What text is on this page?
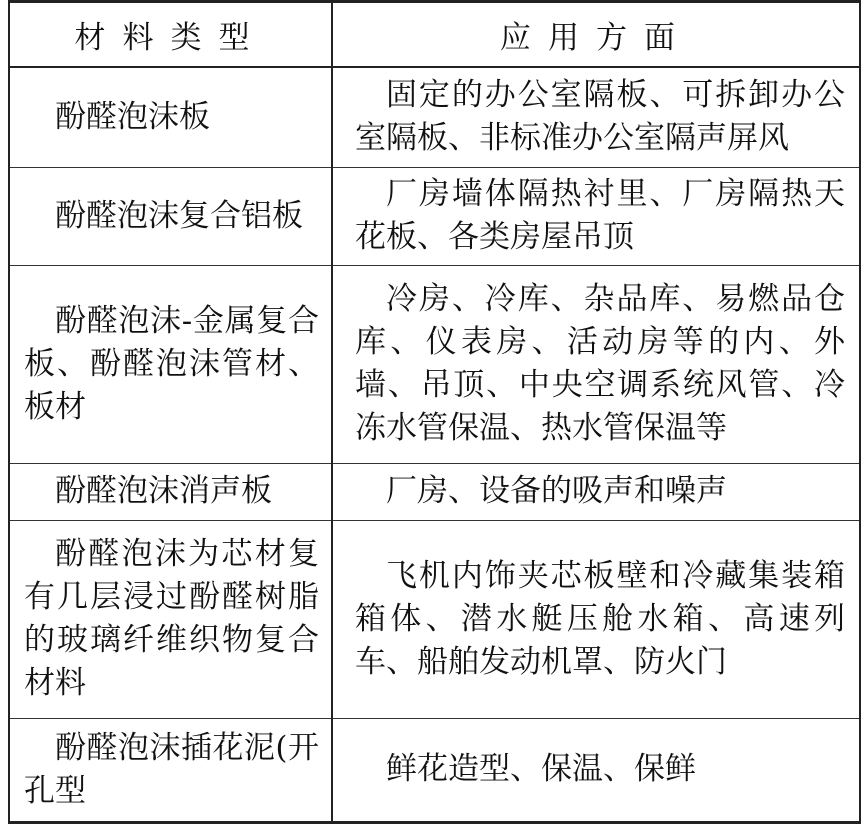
材料类型	应用方面

酚醛泡沫板	固定的办公室隔板、可拆卸办公室隔板、非标准办公室隔声屏风

酚醛泡沫复合铝板	厂房墙体隔热衬里、厂房隔热天花板、各类房屋吊顶

酚醛泡沫-金属复合板、酚醛泡沫管材、板材	冷房、冷库、杂品库、易燃品仓库、仪表房、活动房等的内、外墙、吊顶、中央空调系统风管、冷冻水管保温、热水管保温等

酚醛泡沫消声板	厂房、设备的吸声和噪声

酚醛泡沫为芯材复有几层浸过酚醛树脂的玻璃纤维织物复合材料	飞机内饰夹芯板壁和冷藏集装箱箱体、潜水艇压舱水箱、高速列车、船舶发动机罩、防火门

酚醛泡沫插花泥(开孔型	鲜花造型、保温、保鲜
